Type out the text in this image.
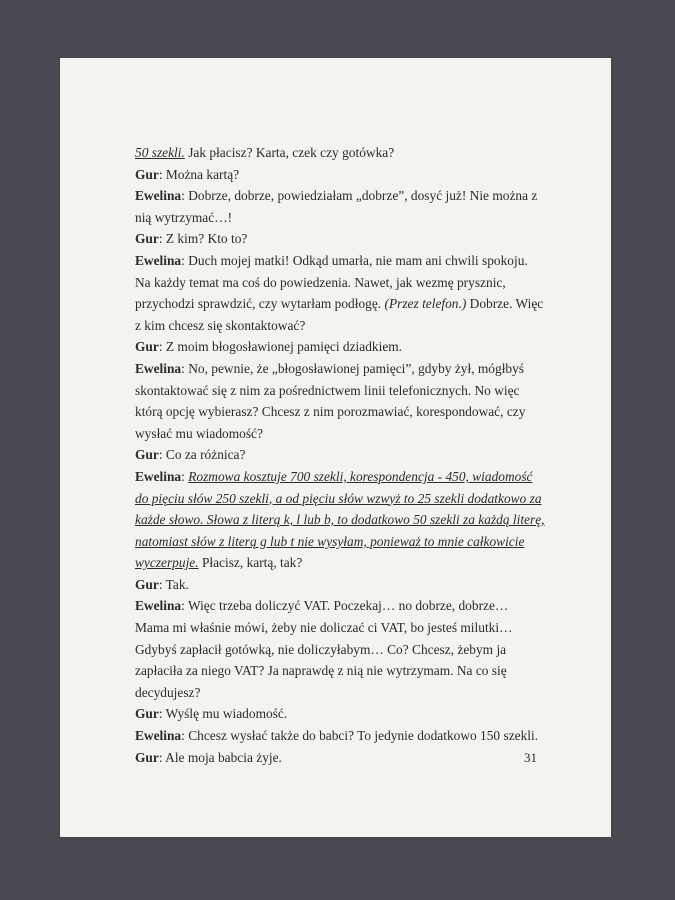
50 szekli. Jak płacisz? Karta, czek czy gotówka?

Gur: Można kartą?

Ewelina: Dobrze, dobrze, powiedziałam „dobrze”, dosyć już! Nie można z nią wytrzymać…!

Gur: Z kim? Kto to?

Ewelina: Duch mojej matki! Odkąd umarła, nie mam ani chwili spokoju. Na każdy temat ma coś do powiedzenia. Nawet, jak wezmę prysznic, przychodzi sprawdzić, czy wytarłam podłogę. (Przez telefon.) Dobrze. Więc z kim chcesz się skontaktować?

Gur: Z moim błogosławionej pamięci dziadkiem.

Ewelina: No, pewnie, że „błogosławionej pamięci”, gdyby żył, mógłbyś skontaktować się z nim za pośrednictwem linii telefonicznych. No więc którą opcję wybierasz? Chcesz z nim porozmawiać, korespondować, czy wysłać mu wiadomość?

Gur: Co za różnica?

Ewelina: Rozmowa kosztuje 700 szekli, korespondencja - 450, wiadomość do pięciu słów 250 szekli, a od pięciu słów wzwyż to 25 szekli dodatkowo za każde słowo. Słowa z literą k, l lub b, to dodatkowo 50 szekli za każdą literę, natomiast słów z literą g lub t nie wysyłam, ponieważ to mnie całkowicie wyczerpuje. Płacisz, kartą, tak?

Gur: Tak.

Ewelina: Więc trzeba doliczyć VAT. Poczekaj… no dobrze, dobrze… Mama mi właśnie mówi, żeby nie doliczać ci VAT, bo jesteś milutki… Gdybyś zapłacił gotówką, nie doliczyłabym… Co? Chcesz, żebym ja zapłaciła za niego VAT? Ja naprawdę z nią nie wytrzymam. Na co się decydujesz?

Gur: Wyślę mu wiadomość.

Ewelina: Chcesz wysłać także do babci? To jedynie dodatkowo 150 szekli.

Gur: Ale moja babcia żyje.	31
